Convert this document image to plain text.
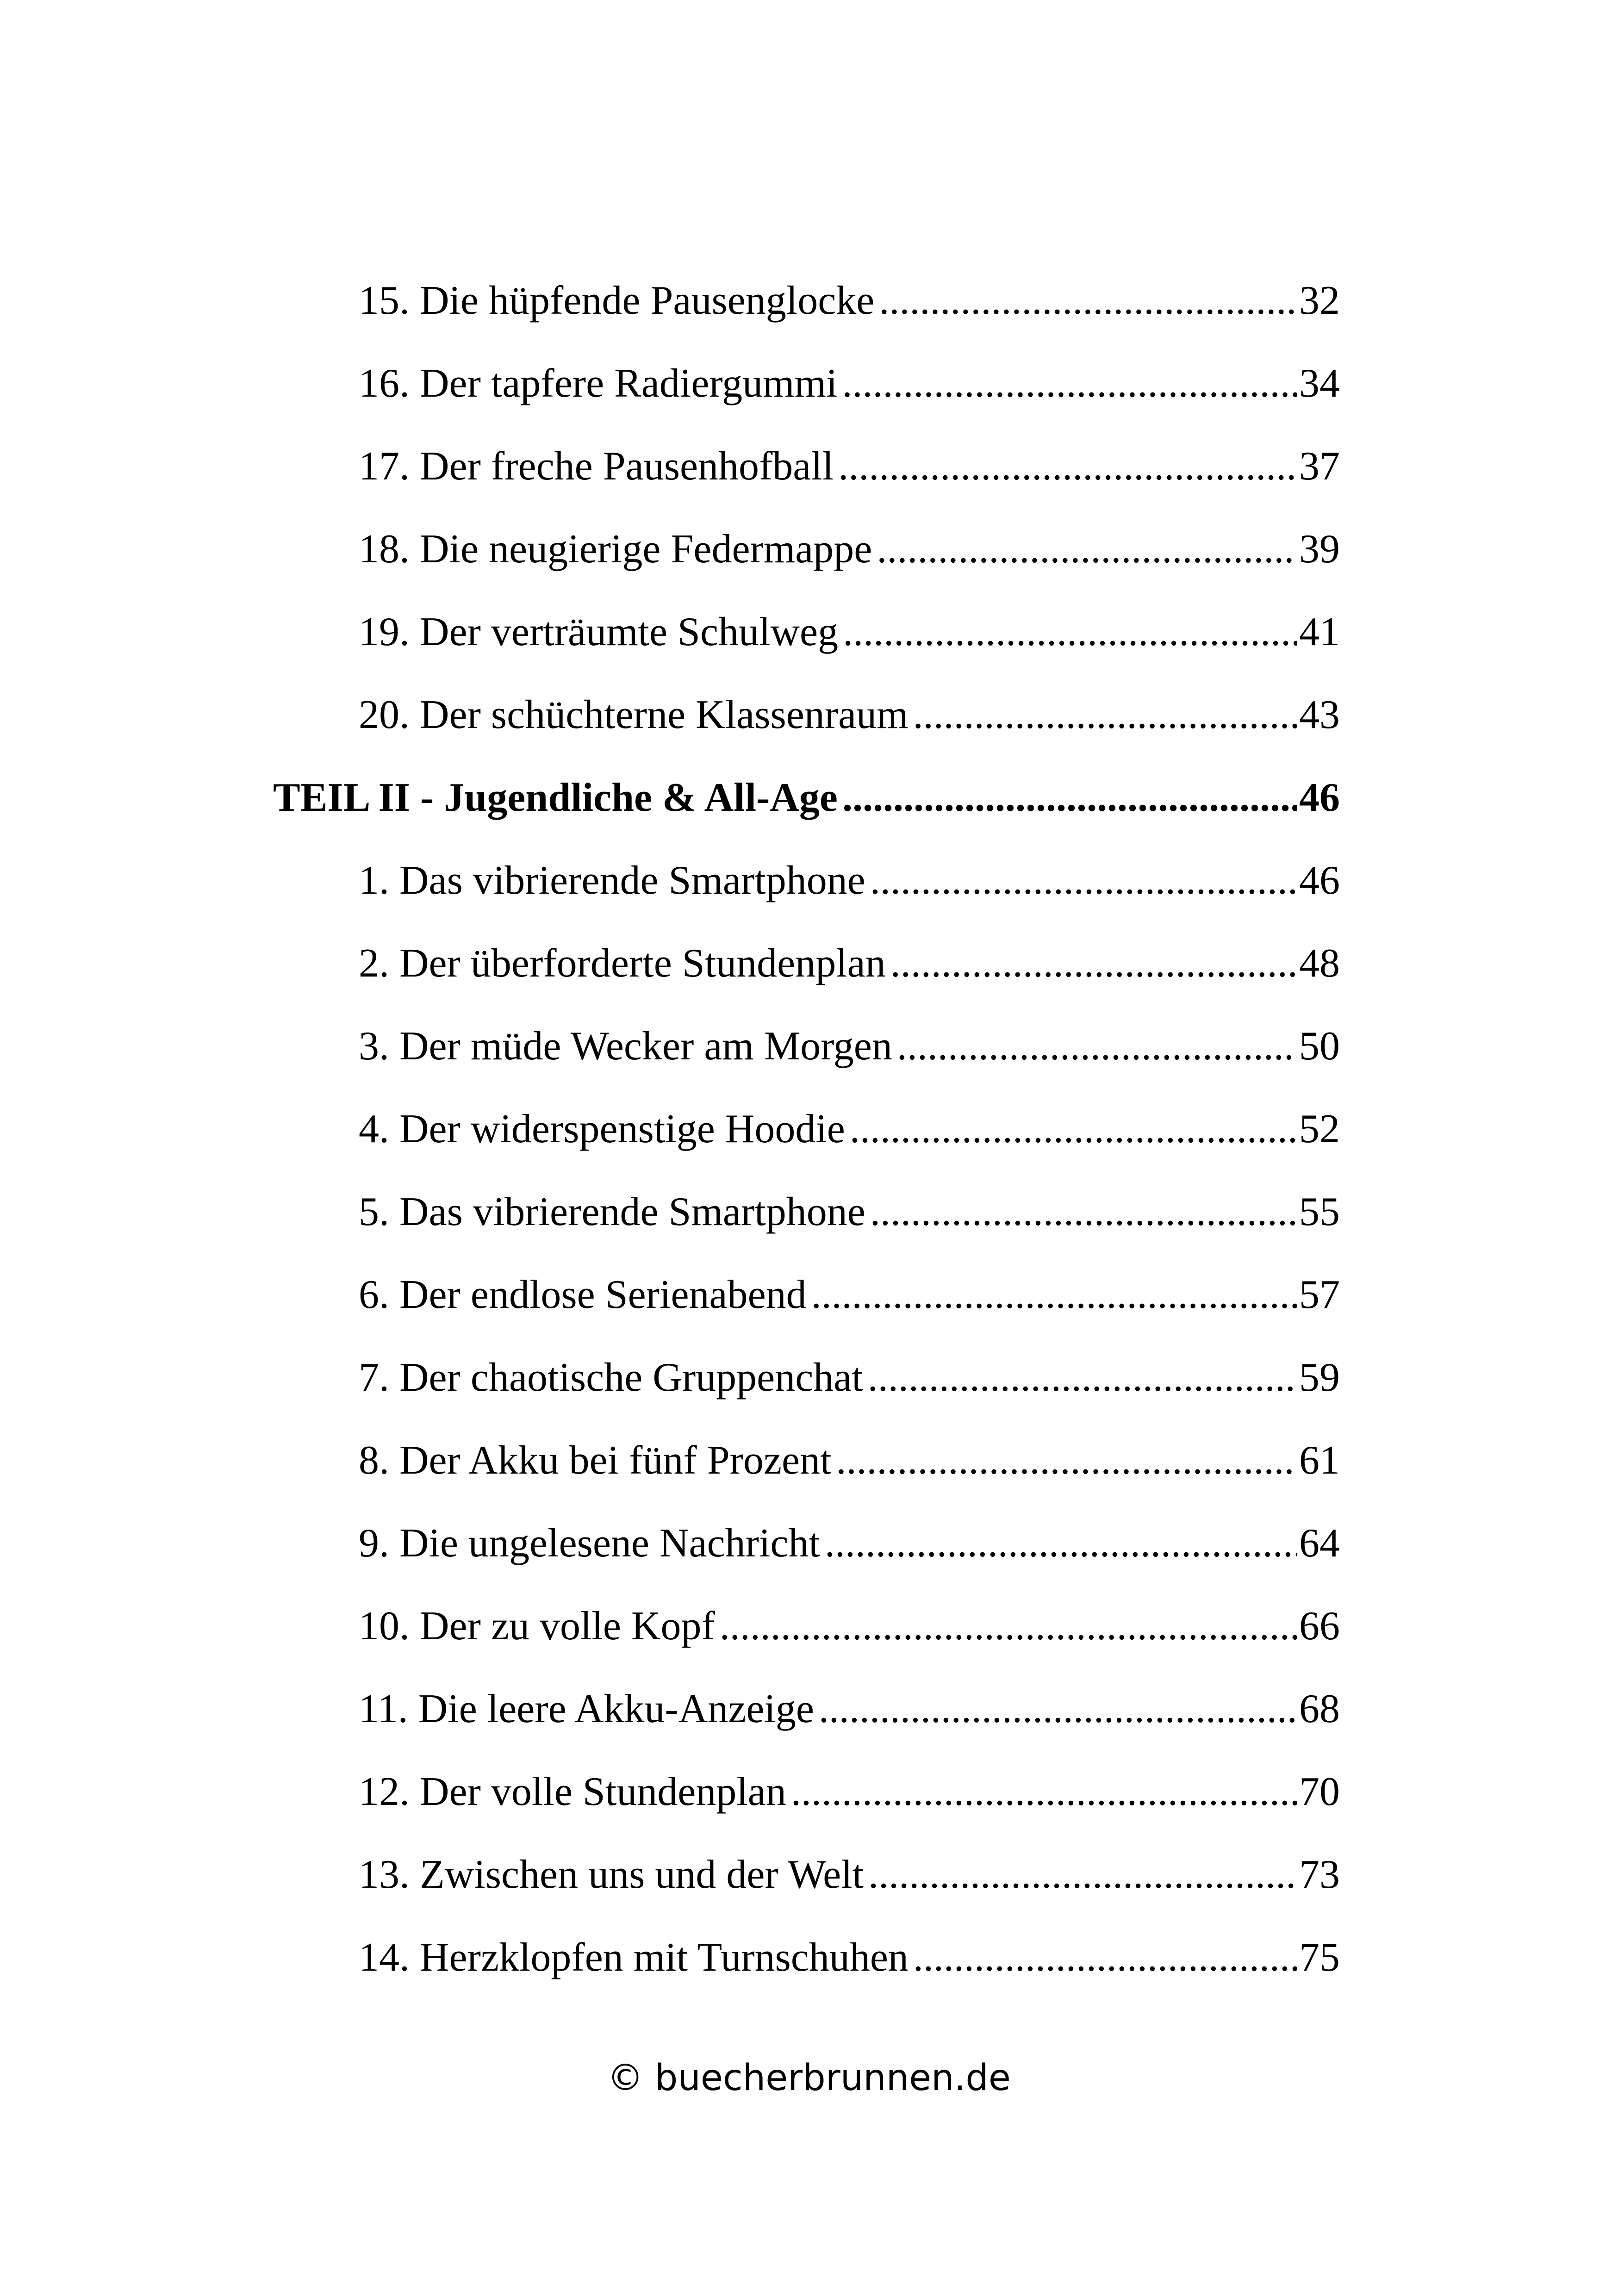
15. Die hüpfende Pausenglocke .....	32
16. Der tapfere Radiergummi .....	34
17. Der freche Pausenhofball .....	37
18. Die neugierige Federmappe .....	39
19. Der verträumte Schulweg .....	41
20. Der schüchterne Klassenraum .....	43
TEIL II - Jugendliche & All-Age .....	46
1. Das vibrierende Smartphone .....	46
2. Der überforderte Stundenplan .....	48
3. Der müde Wecker am Morgen .....	50
4. Der widerspenstige Hoodie .....	52
5. Das vibrierende Smartphone .....	55
6. Der endlose Serienabend .....	57
7. Der chaotische Gruppenchat .....	59
8. Der Akku bei fünf Prozent .....	61
9. Die ungelesene Nachricht .....	64
10. Der zu volle Kopf .....	66
11. Die leere Akku-Anzeige .....	68
12. Der volle Stundenplan .....	70
13. Zwischen uns und der Welt .....	73
14. Herzklopfen mit Turnschuhen .....	75
© buecherbrunnen.de
